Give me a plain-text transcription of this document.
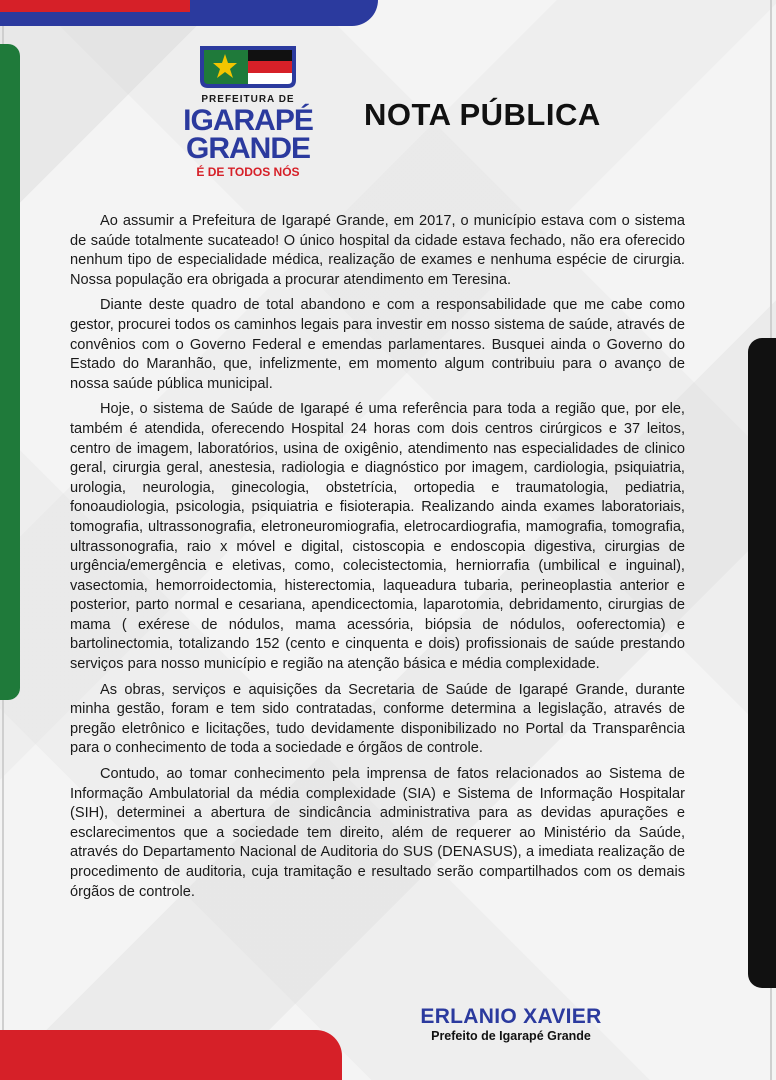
PREFEITURA DE
IGARAPÉ
GRANDE
É DE TODOS NÓS
NOTA PÚBLICA

Ao assumir a Prefeitura de Igarapé Grande, em 2017, o município estava com o sistema de saúde totalmente sucateado! O único hospital da cidade estava fechado, não era oferecido nenhum tipo de especialidade médica, realização de exames e nenhuma espécie de cirurgia. Nossa população era obrigada a procurar atendimento em Teresina.

Diante deste quadro de total abandono e com a responsabilidade que me cabe como gestor, procurei todos os caminhos legais para investir em nosso sistema de saúde, através de convênios com o Governo Federal e emendas parlamentares. Busquei ainda o Governo do Estado do Maranhão, que, infelizmente, em momento algum contribuiu para o avanço de nossa saúde pública municipal.

Hoje, o sistema de Saúde de Igarapé é uma referência para toda a região que, por ele, também é atendida, oferecendo Hospital 24 horas com dois centros cirúrgicos e 37 leitos, centro de imagem, laboratórios, usina de oxigênio, atendimento nas especialidades de clinico geral, cirurgia geral, anestesia, radiologia e diagnóstico por imagem, cardiologia, psiquiatria, urologia, neurologia, ginecologia, obstetrícia, ortopedia e traumatologia, pediatria, fonoaudiologia, psicologia, psiquiatria e fisioterapia. Realizando ainda exames laboratoriais, tomografia, ultrassonografia, eletroneuromiografia, eletrocardiografia, mamografia, tomografia, ultrassonografia, raio x móvel e digital, cistoscopia e endoscopia digestiva, cirurgias de urgência/emergência e eletivas, como, colecistectomia, herniorrafia (umbilical e inguinal), vasectomia, hemorroidectomia, histerectomia, laqueadura tubaria, perineoplastia anterior e posterior, parto normal e cesariana, apendicectomia, laparotomia, debridamento, cirurgias de mama ( exérese de nódulos, mama acessória, biópsia de nódulos, ooferectomia) e bartolinectomia, totalizando 152 (cento e cinquenta e dois) profissionais de saúde prestando serviços para nosso município e região na atenção básica e média complexidade.

As obras, serviços e aquisições da Secretaria de Saúde de Igarapé Grande, durante minha gestão, foram e tem sido contratadas, conforme determina a legislação, através de pregão eletrônico e licitações, tudo devidamente disponibilizado no Portal da Transparência para o conhecimento de toda a sociedade e órgãos de controle.

Contudo, ao tomar conhecimento pela imprensa de fatos relacionados ao Sistema de Informação Ambulatorial da média complexidade (SIA) e Sistema de Informação Hospitalar (SIH), determinei a abertura de sindicância administrativa para as devidas apurações e esclarecimentos que a sociedade tem direito, além de requerer ao Ministério da Saúde, através do Departamento Nacional de Auditoria do SUS (DENASUS), a imediata realização de procedimento de auditoria, cuja tramitação e resultado serão compartilhados com os demais órgãos de controle.

ERLANIO XAVIER
Prefeito de Igarapé Grande
